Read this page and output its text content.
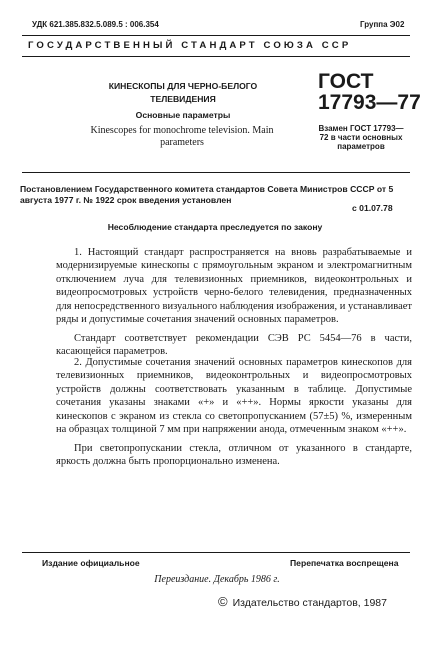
УДК 621.385.832.5.089.5 : 006.354	Группа Э02
ГОСУДАРСТВЕННЫЙ СТАНДАРТ СОЮЗА ССР
КИНЕСКОПЫ ДЛЯ ЧЕРНО-БЕЛОГО ТЕЛЕВИДЕНИЯ
Основные параметры
Kinescopes for monochrome television. Main parameters
ГОСТ
17793—77
Взамен ГОСТ 17793—72 в части основных параметров
Постановлением Государственного комитета стандартов Совета Министров СССР от 5 августа 1977 г. № 1922 срок введения установлен
с 01.07.78
Несоблюдение стандарта преследуется по закону

1. Настоящий стандарт распространяется на вновь разрабатываемые и модернизируемые кинескопы с прямоугольным экраном и электромагнитным отключением луча для телевизионных приемников, видеоконтрольных и видеопросмотровых устройств черно-белого телевидения, предназначенных для непосредственного визуального наблюдения изображения, и устанавливает ряды и допустимые сочетания значений основных параметров.

Стандарт соответствует рекомендации СЭВ РС 5454—76 в части, касающейся параметров.

2. Допустимые сочетания значений основных параметров кинескопов для телевизионных приемников, видеоконтрольных и видеопросмотровых устройств должны соответствовать указанным в таблице. Допустимые сочетания указаны знаками «+» и «++». Нормы яркости указаны для кинескопов с экраном из стекла со светопропусканием (57±5) %, измеренным на образцах толщиной 7 мм при напряжении анода, отмеченным знаком «++».

При светопропускании стекла, отличном от указанного в стандарте, яркость должна быть пропорционально изменена.

Издание официальное	Перепечатка воспрещена
Переиздание. Декабрь 1986 г.
© Издательство стандартов, 1987
